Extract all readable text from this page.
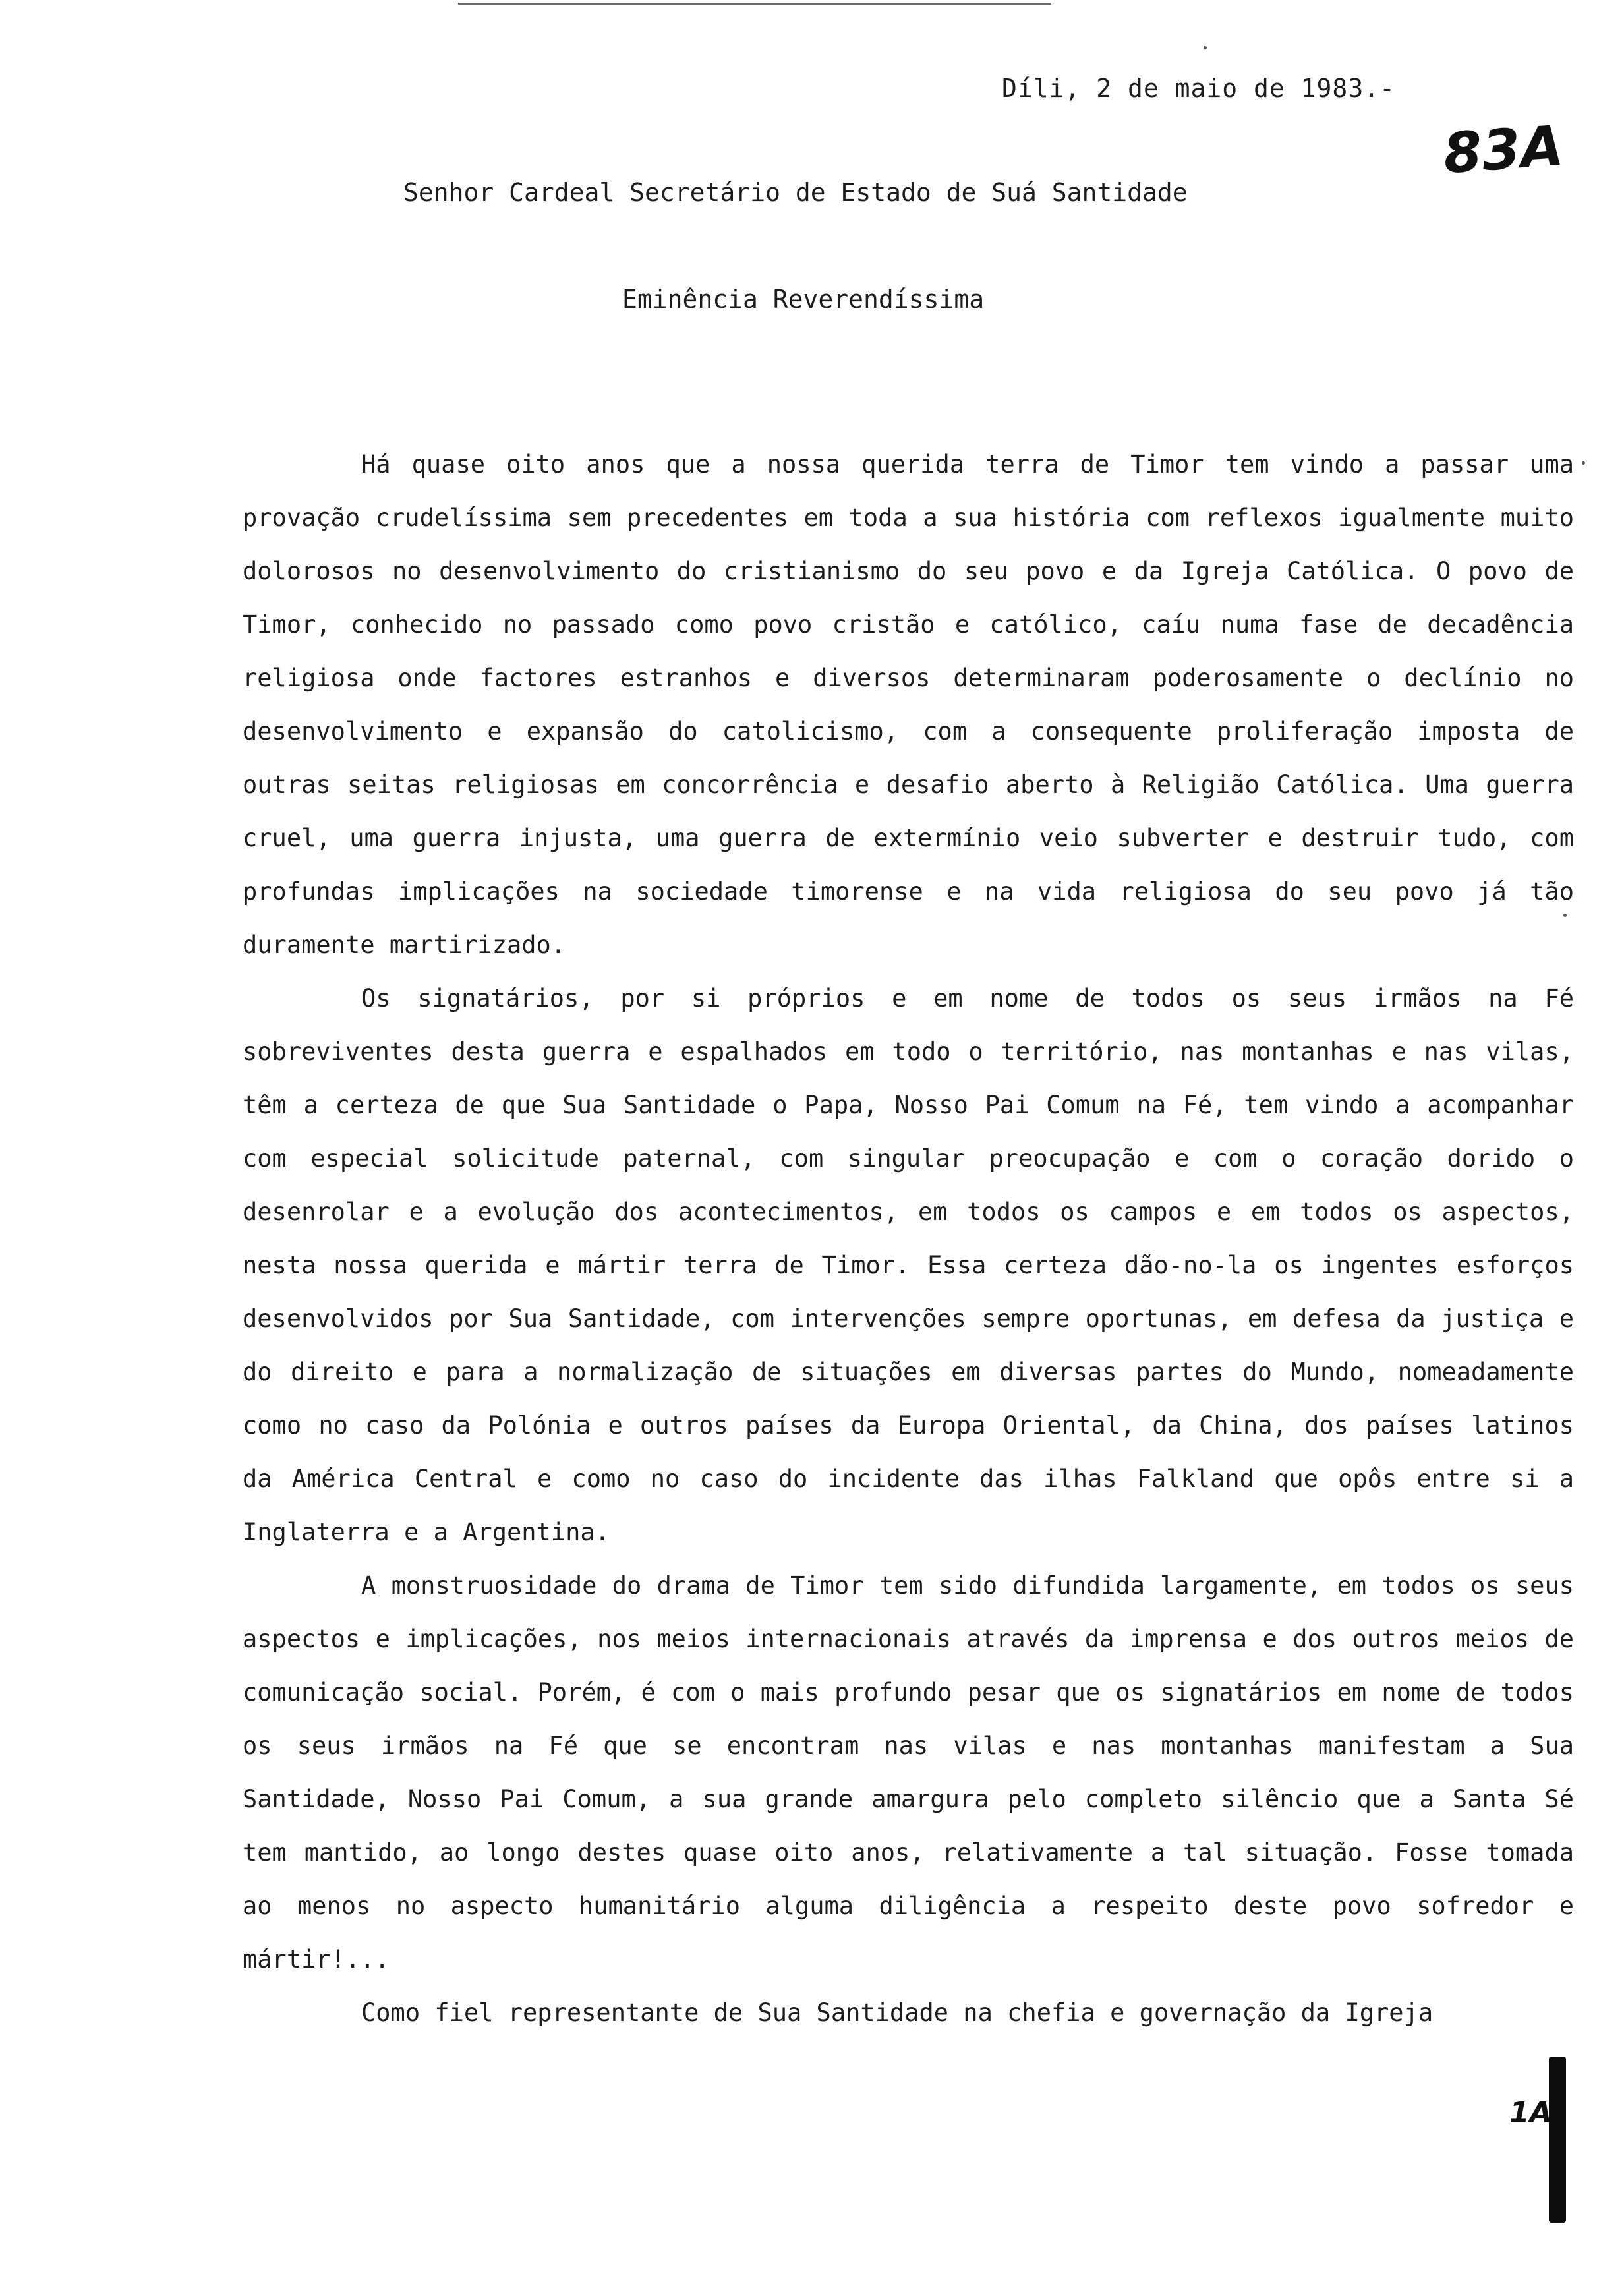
Díli, 2 de maio de 1983.-
83A
Senhor Cardeal Secretário de Estado de Suá Santidade
Eminência Reverendíssima

Há quase oito anos que a nossa querida terra de Timor tem vindo a passar uma provação crudelíssima sem precedentes em toda a sua história com reflexos igualmente muito dolorosos no desenvolvimento do cristianismo do seu povo e da Igreja Católica. O povo de Timor, conhecido no passado como povo cristão e católico, caíu numa fase de decadência religiosa onde factores estranhos e diversos determinaram poderosamente o declínio no desenvolvimento e expansão do catolicismo, com a consequente proliferação imposta de outras seitas religiosas em concorrência e desafio aberto à Religião Católica. Uma guerra cruel, uma guerra injusta, uma guerra de extermínio veio subverter e destruir tudo, com profundas implicações na sociedade timorense e na vida religiosa do seu povo já tão duramente martirizado.

Os signatários, por si próprios e em nome de todos os seus irmãos na Fé sobreviventes desta guerra e espalhados em todo o território, nas montanhas e nas vilas, têm a certeza de que Sua Santidade o Papa, Nosso Pai Comum na Fé, tem vindo a acompanhar com especial solicitude paternal, com singular preocupação e com o coração dorido o desenrolar e a evolução dos acontecimentos, em todos os campos e em todos os aspectos, nesta nossa querida e mártir terra de Timor. Essa certeza dão-no-la os ingentes esforços desenvolvidos por Sua Santidade, com intervenções sempre oportunas, em defesa da justiça e do direito e para a normalização de situações em diversas partes do Mundo, nomeadamente como no caso da Polónia e outros países da Europa Oriental, da China, dos países latinos da América Central e como no caso do incidente das ilhas Falkland que opôs entre si a Inglaterra e a Argentina.

A monstruosidade do drama de Timor tem sido difundida largamente, em todos os seus aspectos e implicações, nos meios internacionais através da imprensa e dos outros meios de comunicação social. Porém, é com o mais profundo pesar que os signatários em nome de todos os seus irmãos na Fé que se encontram nas vilas e nas montanhas manifestam a Sua Santidade, Nosso Pai Comum, a sua grande amargura pelo completo silêncio que a Santa Sé tem mantido, ao longo destes quase oito anos, relativamente a tal situação. Fosse tomada ao menos no aspecto humanitário alguma diligência a respeito deste povo sofredor e mártir!...

Como fiel representante de Sua Santidade na chefia e governação da Igreja

1A
